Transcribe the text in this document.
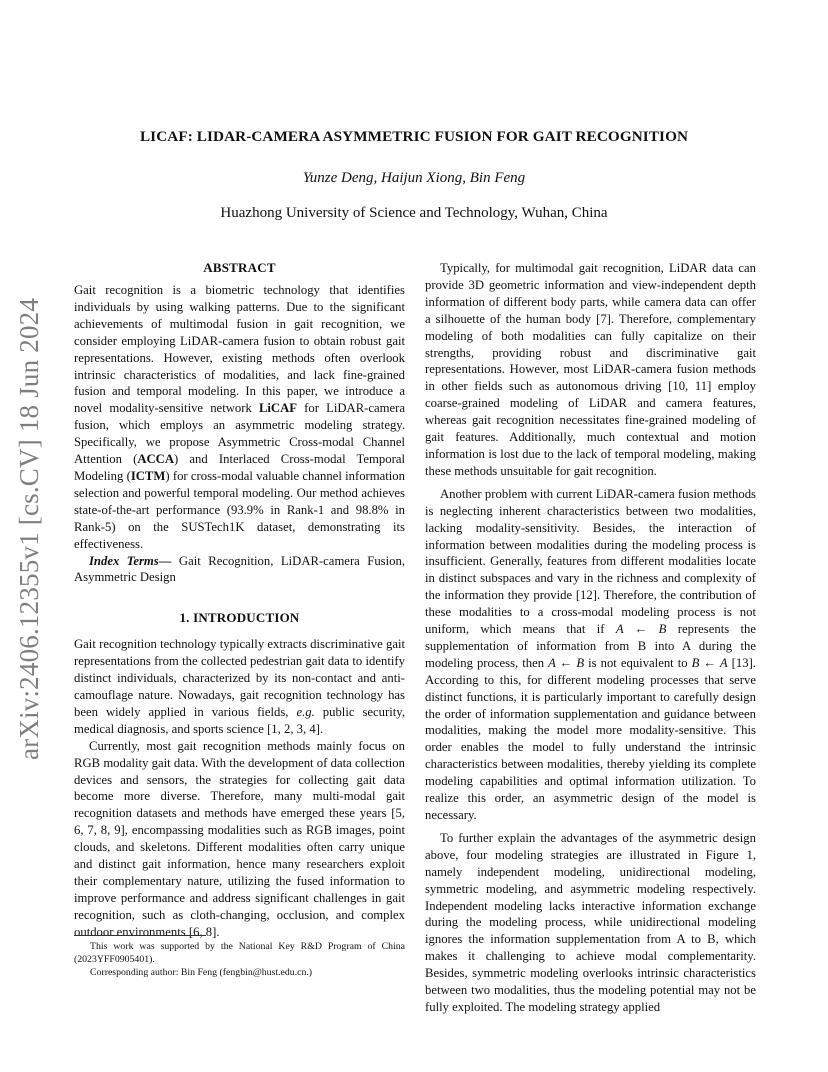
arXiv:2406.12355v1 [cs.CV] 18 Jun 2024
LICAF: LIDAR-CAMERA ASYMMETRIC FUSION FOR GAIT RECOGNITION
Yunze Deng, Haijun Xiong, Bin Feng
Huazhong University of Science and Technology, Wuhan, China
ABSTRACT

Gait recognition is a biometric technology that identifies individuals by using walking patterns. Due to the significant achievements of multimodal fusion in gait recognition, we consider employing LiDAR-camera fusion to obtain robust gait representations. However, existing methods often overlook intrinsic characteristics of modalities, and lack fine-grained fusion and temporal modeling. In this paper, we introduce a novel modality-sensitive network LiCAF for LiDAR-camera fusion, which employs an asymmetric modeling strategy. Specifically, we propose Asymmetric Cross-modal Channel Attention (ACCA) and Interlaced Cross-modal Temporal Modeling (ICTM) for cross-modal valuable channel information selection and powerful temporal modeling. Our method achieves state-of-the-art performance (93.9% in Rank-1 and 98.8% in Rank-5) on the SUSTech1K dataset, demonstrating its effectiveness.

Index Terms— Gait Recognition, LiDAR-camera Fusion, Asymmetric Design

1. INTRODUCTION

Gait recognition technology typically extracts discriminative gait representations from the collected pedestrian gait data to identify distinct individuals, characterized by its non-contact and anti-camouflage nature. Nowadays, gait recognition technology has been widely applied in various fields, e.g. public security, medical diagnosis, and sports science [1, 2, 3, 4].

Currently, most gait recognition methods mainly focus on RGB modality gait data. With the development of data collection devices and sensors, the strategies for collecting gait data become more diverse. Therefore, many multi-modal gait recognition datasets and methods have emerged these years [5, 6, 7, 8, 9], encompassing modalities such as RGB images, point clouds, and skeletons. Different modalities often carry unique and distinct gait information, hence many researchers exploit their complementary nature, utilizing the fused information to improve performance and address significant challenges in gait recognition, such as cloth-changing, occlusion, and complex outdoor environments [6, 8].

This work was supported by the National Key R&D Program of China (2023YFF0905401).

Corresponding author: Bin Feng (fengbin@hust.edu.cn.)

Typically, for multimodal gait recognition, LiDAR data can provide 3D geometric information and view-independent depth information of different body parts, while camera data can offer a silhouette of the human body [7]. Therefore, complementary modeling of both modalities can fully capitalize on their strengths, providing robust and discriminative gait representations. However, most LiDAR-camera fusion methods in other fields such as autonomous driving [10, 11] employ coarse-grained modeling of LiDAR and camera features, whereas gait recognition necessitates fine-grained modeling of gait features. Additionally, much contextual and motion information is lost due to the lack of temporal modeling, making these methods unsuitable for gait recognition.

Another problem with current LiDAR-camera fusion methods is neglecting inherent characteristics between two modalities, lacking modality-sensitivity. Besides, the interaction of information between modalities during the modeling process is insufficient. Generally, features from different modalities locate in distinct subspaces and vary in the richness and complexity of the information they provide [12]. Therefore, the contribution of these modalities to a cross-modal modeling process is not uniform, which means that if A ← B represents the supplementation of information from B into A during the modeling process, then A ← B is not equivalent to B ← A [13]. According to this, for different modeling processes that serve distinct functions, it is particularly important to carefully design the order of information supplementation and guidance between modalities, making the model more modality-sensitive. This order enables the model to fully understand the intrinsic characteristics between modalities, thereby yielding its complete modeling capabilities and optimal information utilization. To realize this order, an asymmetric design of the model is necessary.

To further explain the advantages of the asymmetric design above, four modeling strategies are illustrated in Figure 1, namely independent modeling, unidirectional modeling, symmetric modeling, and asymmetric modeling respectively. Independent modeling lacks interactive information exchange during the modeling process, while unidirectional modeling ignores the information supplementation from A to B, which makes it challenging to achieve modal complementarity. Besides, symmetric modeling overlooks intrinsic characteristics between two modalities, thus the modeling potential may not be fully exploited. The modeling strategy applied
